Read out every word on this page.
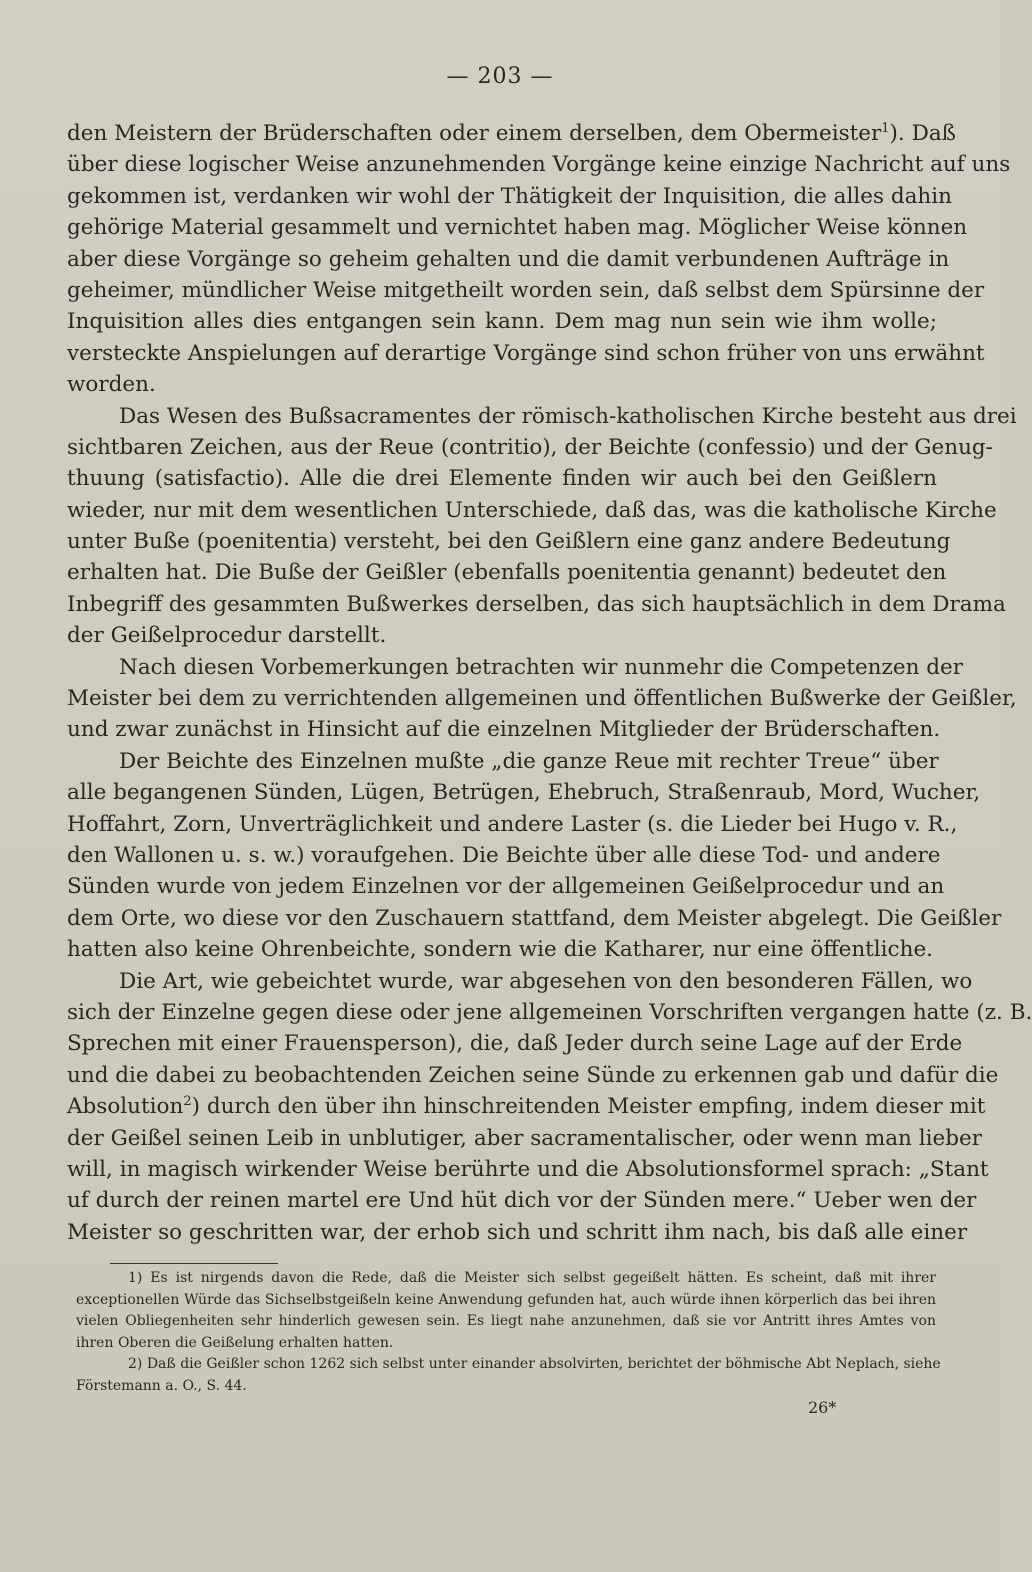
— 203 —
den Meistern der Brüderschaften oder einem derselben, dem Obermeister$^1$). Daß
über diese logischer Weise anzunehmenden Vorgänge keine einzige Nachricht auf uns
gekommen ist, verdanken wir wohl der Thätigkeit der Inquisition, die alles dahin
gehörige Material gesammelt und vernichtet haben mag. Möglicher Weise können
aber diese Vorgänge so geheim gehalten und die damit verbundenen Aufträge in
geheimer, mündlicher Weise mitgetheilt worden sein, daß selbst dem Spürsinne der
Inquisition alles dies entgangen sein kann. Dem mag nun sein wie ihm wolle;
versteckte Anspielungen auf derartige Vorgänge sind schon früher von uns erwähnt
worden.
Das Wesen des Bußsacramentes der römisch-katholischen Kirche besteht aus drei
sichtbaren Zeichen, aus der Reue (contritio), der Beichte (confessio) und der Genug-
thuung (satisfactio). Alle die drei Elemente finden wir auch bei den Geißlern
wieder, nur mit dem wesentlichen Unterschiede, daß das, was die katholische Kirche
unter Buße (poenitentia) versteht, bei den Geißlern eine ganz andere Bedeutung
erhalten hat. Die Buße der Geißler (ebenfalls poenitentia genannt) bedeutet den
Inbegriff des gesammten Bußwerkes derselben, das sich hauptsächlich in dem Drama
der Geißelprocedur darstellt.
Nach diesen Vorbemerkungen betrachten wir nunmehr die Competenzen der
Meister bei dem zu verrichtenden allgemeinen und öffentlichen Bußwerke der Geißler,
und zwar zunächst in Hinsicht auf die einzelnen Mitglieder der Brüderschaften.
Der Beichte des Einzelnen mußte „die ganze Reue mit rechter Treue“ über
alle begangenen Sünden, Lügen, Betrügen, Ehebruch, Straßenraub, Mord, Wucher,
Hoffahrt, Zorn, Unverträglichkeit und andere Laster (s. die Lieder bei Hugo v. R.,
den Wallonen u. s. w.) voraufgehen. Die Beichte über alle diese Tod- und andere
Sünden wurde von jedem Einzelnen vor der allgemeinen Geißelprocedur und an
dem Orte, wo diese vor den Zuschauern stattfand, dem Meister abgelegt. Die Geißler
hatten also keine Ohrenbeichte, sondern wie die Katharer, nur eine öffentliche.
Die Art, wie gebeichtet wurde, war abgesehen von den besonderen Fällen, wo
sich der Einzelne gegen diese oder jene allgemeinen Vorschriften vergangen hatte (z. B.
Sprechen mit einer Frauensperson), die, daß Jeder durch seine Lage auf der Erde
und die dabei zu beobachtenden Zeichen seine Sünde zu erkennen gab und dafür die
Absolution$^2$) durch den über ihn hinschreitenden Meister empfing, indem dieser mit
der Geißel seinen Leib in unblutiger, aber sacramentalischer, oder wenn man lieber
will, in magisch wirkender Weise berührte und die Absolutionsformel sprach: „Stant
uf durch der reinen martel ere Und hüt dich vor der Sünden mere.“ Ueber wen der
Meister so geschritten war, der erhob sich und schritt ihm nach, bis daß alle einer
1) Es ist nirgends davon die Rede, daß die Meister sich selbst gegeißelt hätten. Es scheint, daß mit ihrer
exceptionellen Würde das Sichselbstgeißeln keine Anwendung gefunden hat, auch würde ihnen körperlich das bei ihren
vielen Obliegenheiten sehr hinderlich gewesen sein. Es liegt nahe anzunehmen, daß sie vor Antritt ihres Amtes von
ihren Oberen die Geißelung erhalten hatten.
2) Daß die Geißler schon 1262 sich selbst unter einander absolvirten, berichtet der böhmische Abt Neplach, siehe
Förstemann a. O., S. 44.
26*
